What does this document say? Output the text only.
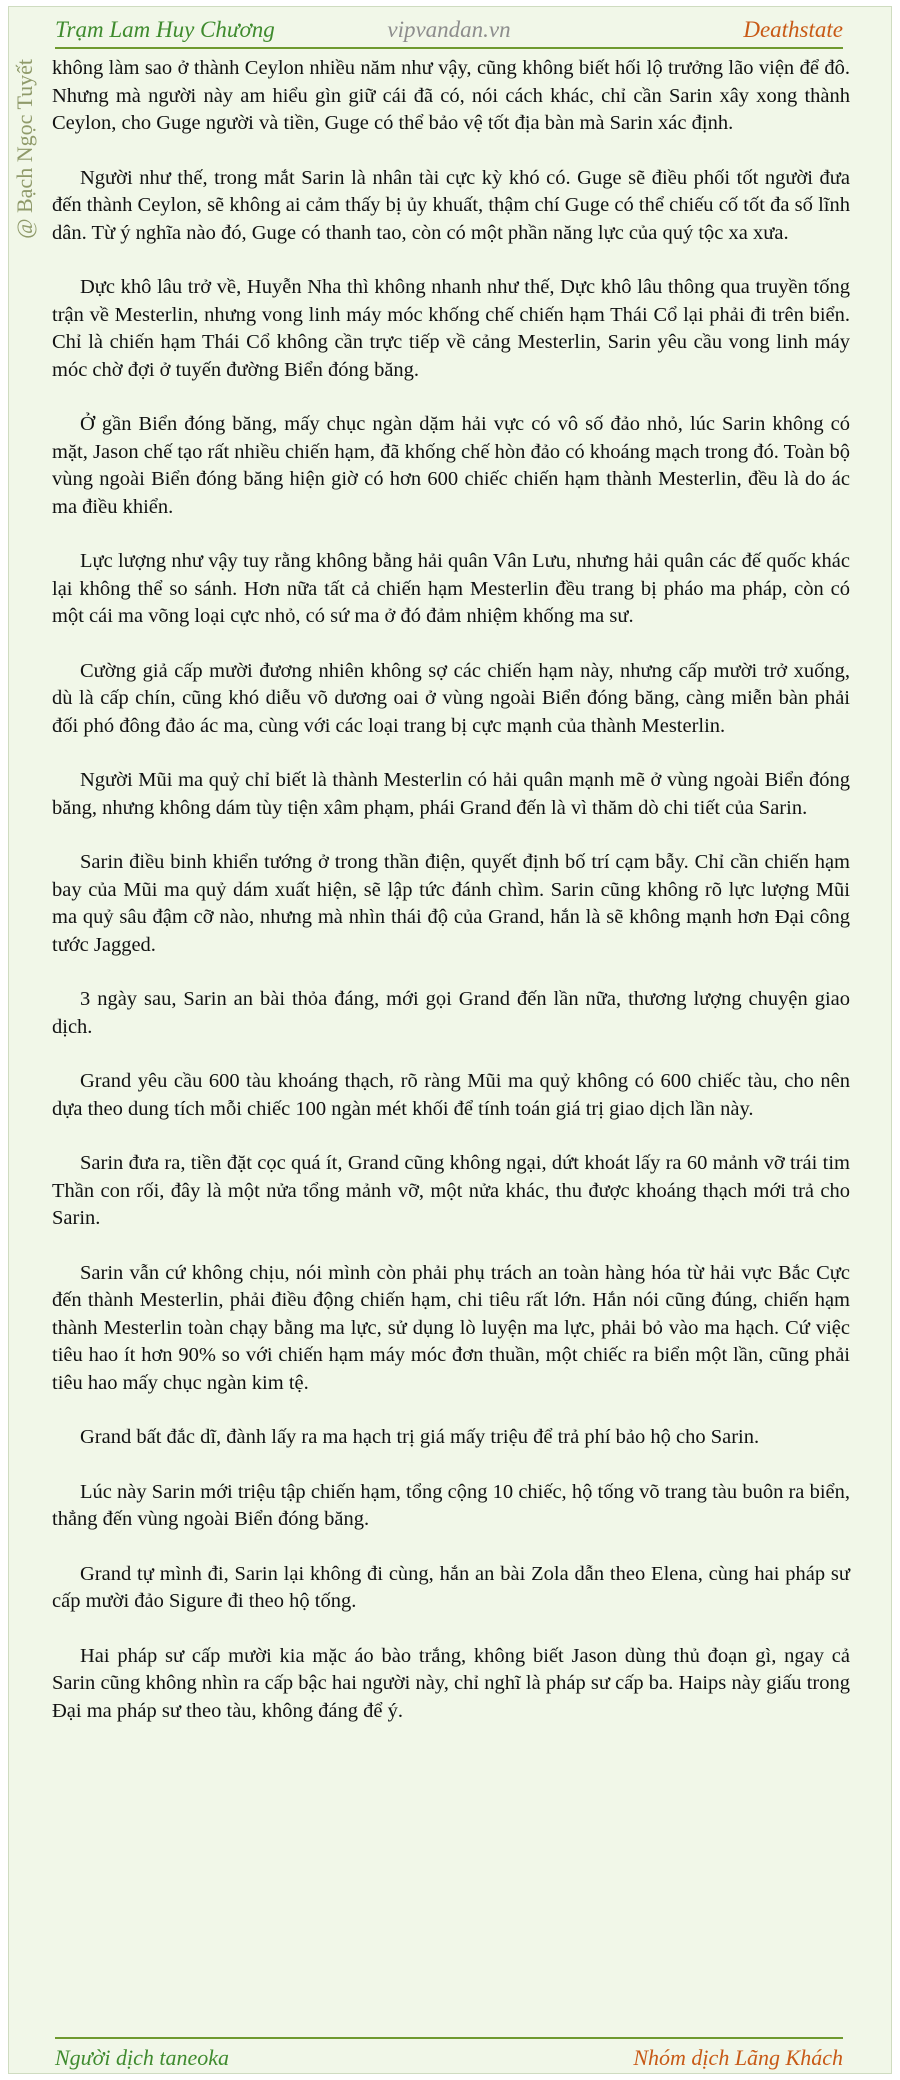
Trạm Lam Huy Chương	vipvandan.vn	Deathstate
@ Bạch Ngọc Tuyết không làm sao ở thành Ceylon nhiều năm như vậy, cũng không biết hối lộ trưởng lão viện để đô. Nhưng mà người này am hiểu gìn giữ cái đã có, nói cách khác, chỉ cần Sarin xây xong thành Ceylon, cho Guge người và tiền, Guge có thể bảo vệ tốt địa bàn mà Sarin xác định.

Người như thế, trong mắt Sarin là nhân tài cực kỳ khó có. Guge sẽ điều phối tốt người đưa đến thành Ceylon, sẽ không ai cảm thấy bị ủy khuất, thậm chí Guge có thể chiếu cố tốt đa số lĩnh dân. Từ ý nghĩa nào đó, Guge có thanh tao, còn có một phần năng lực của quý tộc xa xưa.

Dực khô lâu trở về, Huyễn Nha thì không nhanh như thế, Dực khô lâu thông qua truyền tống trận về Mesterlin, nhưng vong linh máy móc khống chế chiến hạm Thái Cổ lại phải đi trên biển. Chỉ là chiến hạm Thái Cổ không cần trực tiếp về cảng Mesterlin, Sarin yêu cầu vong linh máy móc chờ đợi ở tuyến đường Biển đóng băng.

Ở gần Biển đóng băng, mấy chục ngàn dặm hải vực có vô số đảo nhỏ, lúc Sarin không có mặt, Jason chế tạo rất nhiều chiến hạm, đã khống chế hòn đảo có khoáng mạch trong đó. Toàn bộ vùng ngoài Biển đóng băng hiện giờ có hơn 600 chiếc chiến hạm thành Mesterlin, đều là do ác ma điều khiển.

Lực lượng như vậy tuy rằng không bằng hải quân Vân Lưu, nhưng hải quân các đế quốc khác lại không thể so sánh. Hơn nữa tất cả chiến hạm Mesterlin đều trang bị pháo ma pháp, còn có một cái ma võng loại cực nhỏ, có sứ ma ở đó đảm nhiệm khống ma sư.

Cường giả cấp mười đương nhiên không sợ các chiến hạm này, nhưng cấp mười trở xuống, dù là cấp chín, cũng khó diễu võ dương oai ở vùng ngoài Biển đóng băng, càng miễn bàn phải đối phó đông đảo ác ma, cùng với các loại trang bị cực mạnh của thành Mesterlin.

Người Mũi ma quỷ chỉ biết là thành Mesterlin có hải quân mạnh mẽ ở vùng ngoài Biển đóng băng, nhưng không dám tùy tiện xâm phạm, phái Grand đến là vì thăm dò chi tiết của Sarin.

Sarin điều binh khiển tướng ở trong thần điện, quyết định bố trí cạm bẫy. Chỉ cần chiến hạm bay của Mũi ma quỷ dám xuất hiện, sẽ lập tức đánh chìm. Sarin cũng không rõ lực lượng Mũi ma quỷ sâu đậm cỡ nào, nhưng mà nhìn thái độ của Grand, hắn là sẽ không mạnh hơn Đại công tước Jagged.

3 ngày sau, Sarin an bài thỏa đáng, mới gọi Grand đến lần nữa, thương lượng chuyện giao dịch.

Grand yêu cầu 600 tàu khoáng thạch, rõ ràng Mũi ma quỷ không có 600 chiếc tàu, cho nên dựa theo dung tích mỗi chiếc 100 ngàn mét khối để tính toán giá trị giao dịch lần này.

Sarin đưa ra, tiền đặt cọc quá ít, Grand cũng không ngại, dứt khoát lấy ra 60 mảnh vỡ trái tim Thần con rối, đây là một nửa tổng mảnh vỡ, một nửa khác, thu được khoáng thạch mới trả cho Sarin.

Sarin vẫn cứ không chịu, nói mình còn phải phụ trách an toàn hàng hóa từ hải vực Bắc Cực đến thành Mesterlin, phải điều động chiến hạm, chi tiêu rất lớn. Hắn nói cũng đúng, chiến hạm thành Mesterlin toàn chạy bằng ma lực, sử dụng lò luyện ma lực, phải bỏ vào ma hạch. Cứ việc tiêu hao ít hơn 90% so với chiến hạm máy móc đơn thuần, một chiếc ra biển một lần, cũng phải tiêu hao mấy chục ngàn kim tệ.

Grand bất đắc dĩ, đành lấy ra ma hạch trị giá mấy triệu để trả phí bảo hộ cho Sarin.

Lúc này Sarin mới triệu tập chiến hạm, tổng cộng 10 chiếc, hộ tống võ trang tàu buôn ra biển, thẳng đến vùng ngoài Biển đóng băng.

Grand tự mình đi, Sarin lại không đi cùng, hắn an bài Zola dẫn theo Elena, cùng hai pháp sư cấp mười đảo Sigure đi theo hộ tống.

Hai pháp sư cấp mười kia mặc áo bào trắng, không biết Jason dùng thủ đoạn gì, ngay cả Sarin cũng không nhìn ra cấp bậc hai người này, chỉ nghĩ là pháp sư cấp ba. Haips này giấu trong Đại ma pháp sư theo tàu, không đáng để ý.

Người dịch taneoka	Nhóm dịch Lãng Khách
